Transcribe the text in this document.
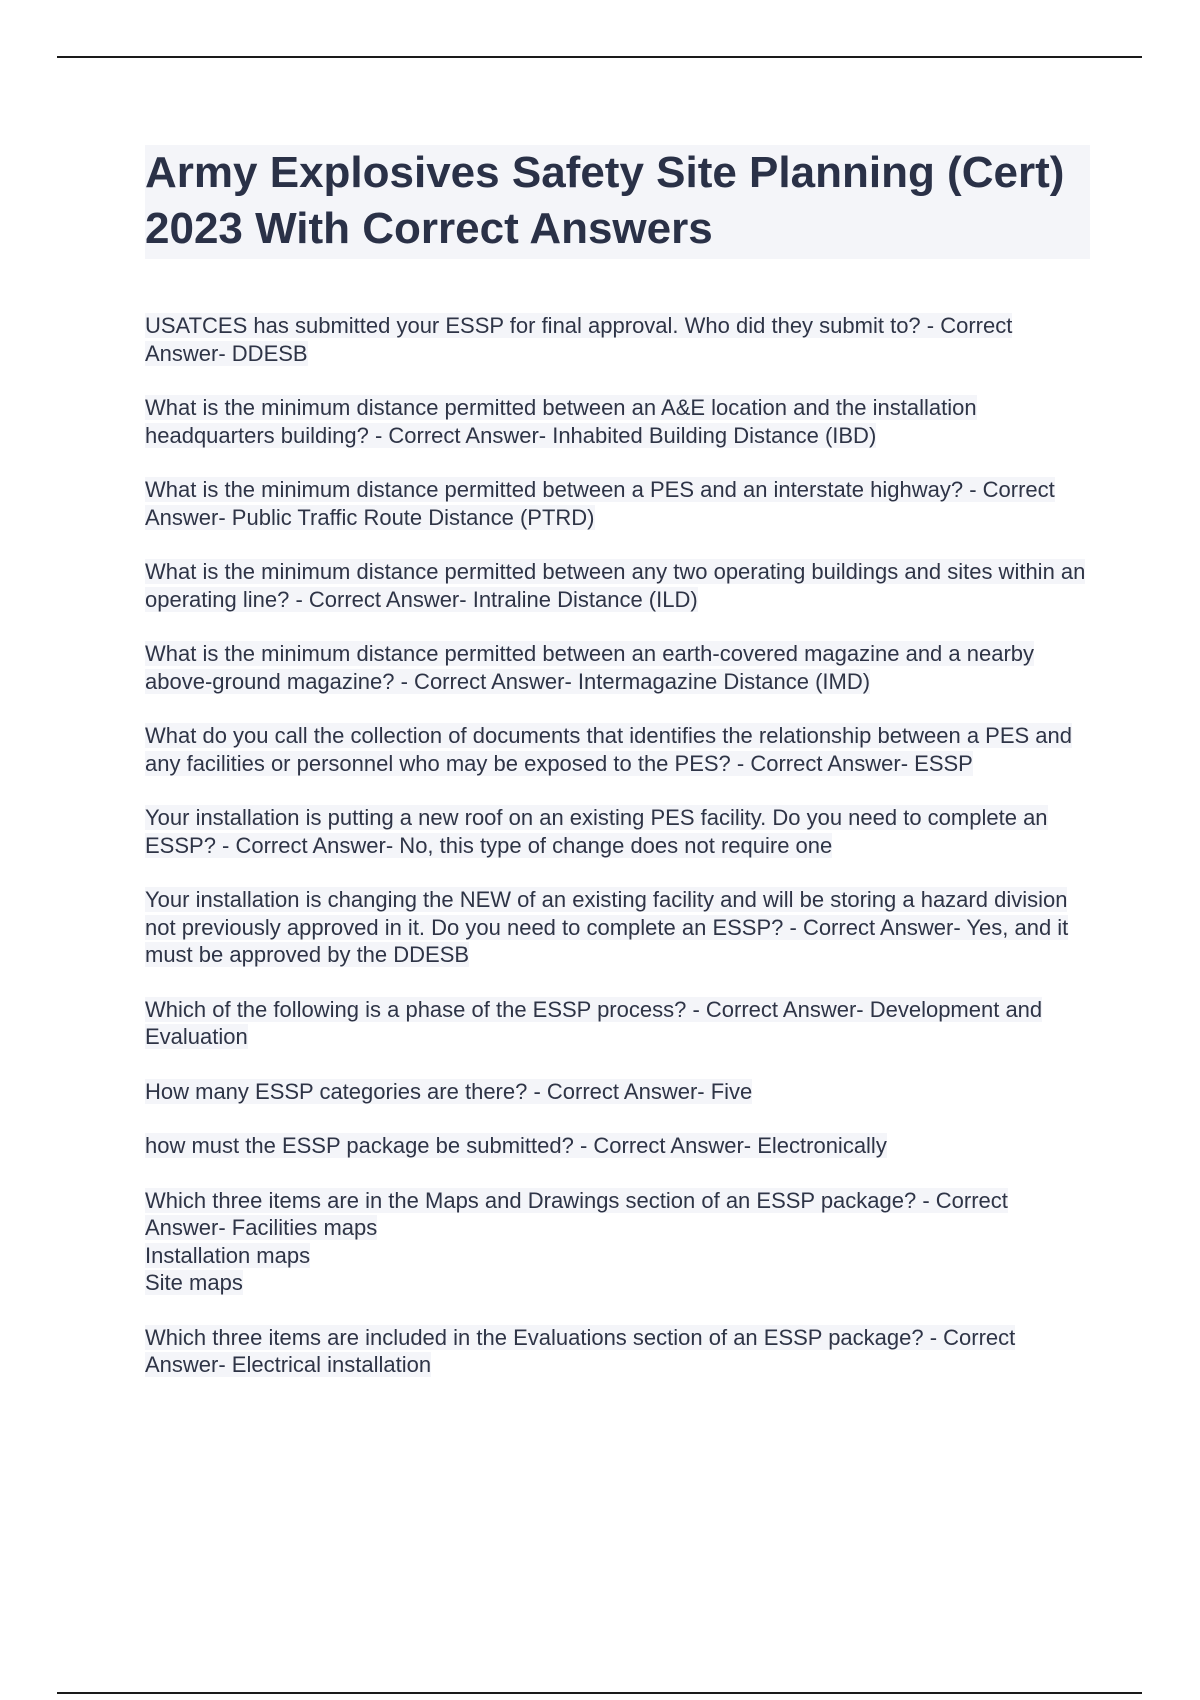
Army Explosives Safety Site Planning (Cert) 2023 With Correct Answers

USATCES has submitted your ESSP for final approval. Who did they submit to? - Correct Answer- DDESB

What is the minimum distance permitted between an A&E location and the installation headquarters building? - Correct Answer- Inhabited Building Distance (IBD)

What is the minimum distance permitted between a PES and an interstate highway? - Correct Answer- Public Traffic Route Distance (PTRD)

What is the minimum distance permitted between any two operating buildings and sites within an operating line? - Correct Answer- Intraline Distance (ILD)

What is the minimum distance permitted between an earth-covered magazine and a nearby above-ground magazine? - Correct Answer- Intermagazine Distance (IMD)

What do you call the collection of documents that identifies the relationship between a PES and any facilities or personnel who may be exposed to the PES? - Correct Answer- ESSP

Your installation is putting a new roof on an existing PES facility. Do you need to complete an ESSP? - Correct Answer- No, this type of change does not require one

Your installation is changing the NEW of an existing facility and will be storing a hazard division not previously approved in it. Do you need to complete an ESSP? - Correct Answer- Yes, and it must be approved by the DDESB

Which of the following is a phase of the ESSP process? - Correct Answer- Development and Evaluation

How many ESSP categories are there? - Correct Answer- Five

how must the ESSP package be submitted? - Correct Answer- Electronically

Which three items are in the Maps and Drawings section of an ESSP package? - Correct Answer- Facilities maps
Installation maps
Site maps

Which three items are included in the Evaluations section of an ESSP package? - Correct Answer- Electrical installation
